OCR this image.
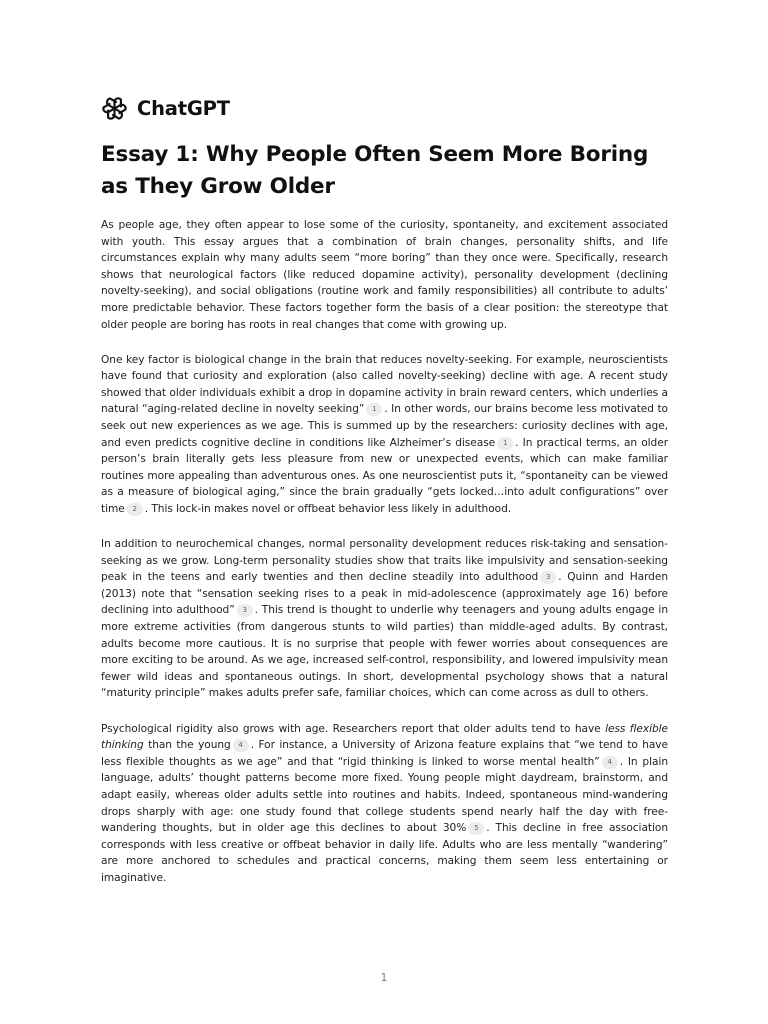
ChatGPT
Essay 1: Why People Often Seem More Boring as They Grow Older

As people age, they often appear to lose some of the curiosity, spontaneity, and excitement associated with youth. This essay argues that a combination of brain changes, personality shifts, and life circumstances explain why many adults seem “more boring” than they once were. Specifically, research shows that neurological factors (like reduced dopamine activity), personality development (declining novelty-seeking), and social obligations (routine work and family responsibilities) all contribute to adults’ more predictable behavior. These factors together form the basis of a clear position: the stereotype that older people are boring has roots in real changes that come with growing up.

One key factor is biological change in the brain that reduces novelty-seeking. For example, neuroscientists have found that curiosity and exploration (also called novelty-seeking) decline with age. A recent study showed that older individuals exhibit a drop in dopamine activity in brain reward centers, which underlies a natural “aging-related decline in novelty seeking” 1 . In other words, our brains become less motivated to seek out new experiences as we age. This is summed up by the researchers: curiosity declines with age, and even predicts cognitive decline in conditions like Alzheimer’s disease 1 . In practical terms, an older person’s brain literally gets less pleasure from new or unexpected events, which can make familiar routines more appealing than adventurous ones. As one neuroscientist puts it, “spontaneity can be viewed as a measure of biological aging,” since the brain gradually “gets locked…into adult configurations” over time 2 . This lock-in makes novel or offbeat behavior less likely in adulthood.

In addition to neurochemical changes, normal personality development reduces risk-taking and sensation-seeking as we grow. Long-term personality studies show that traits like impulsivity and sensation-seeking peak in the teens and early twenties and then decline steadily into adulthood 3 . Quinn and Harden (2013) note that “sensation seeking rises to a peak in mid-adolescence (approximately age 16) before declining into adulthood” 3 . This trend is thought to underlie why teenagers and young adults engage in more extreme activities (from dangerous stunts to wild parties) than middle-aged adults. By contrast, adults become more cautious. It is no surprise that people with fewer worries about consequences are more exciting to be around. As we age, increased self-control, responsibility, and lowered impulsivity mean fewer wild ideas and spontaneous outings. In short, developmental psychology shows that a natural “maturity principle” makes adults prefer safe, familiar choices, which can come across as dull to others.

Psychological rigidity also grows with age. Researchers report that older adults tend to have less flexible thinking than the young 4 . For instance, a University of Arizona feature explains that “we tend to have less flexible thoughts as we age” and that “rigid thinking is linked to worse mental health” 4 . In plain language, adults’ thought patterns become more fixed. Young people might daydream, brainstorm, and adapt easily, whereas older adults settle into routines and habits. Indeed, spontaneous mind-wandering drops sharply with age: one study found that college students spend nearly half the day with free-wandering thoughts, but in older age this declines to about 30% 5 . This decline in free association corresponds with less creative or offbeat behavior in daily life. Adults who are less mentally “wandering” are more anchored to schedules and practical concerns, making them seem less entertaining or imaginative.

1
